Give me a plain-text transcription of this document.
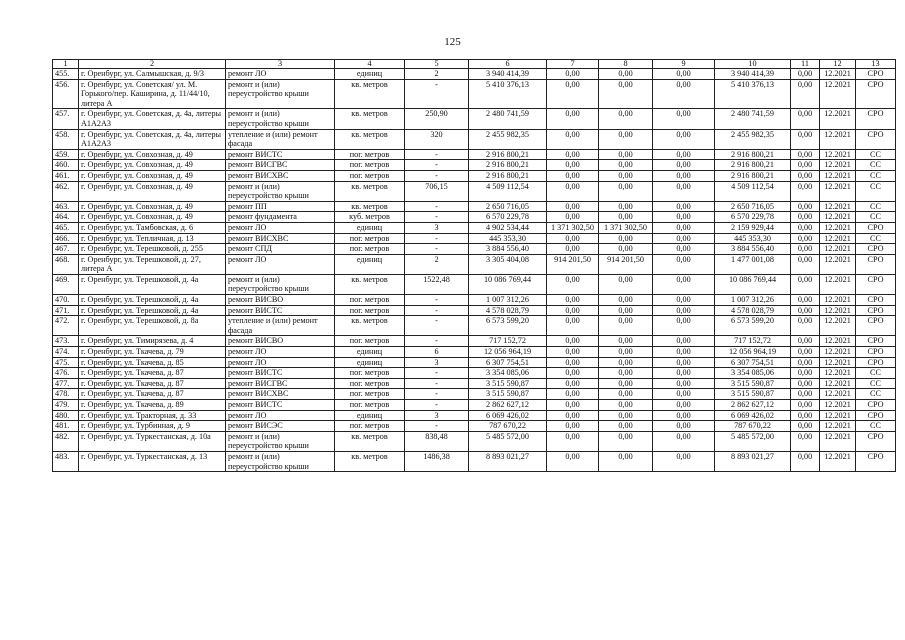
125
1	2	3	4	5	6	7	8	9	10	11	12	13
455.	г. Оренбург, ул. Салмышская, д. 9/3	ремонт ЛО	единиц	2	3 940 414,39	0,00	0,00	0,00	3 940 414,39	0,00	12.2021	СРО
456.	г. Оренбург, ул. Советская/ ул. М. Горького/пер. Каширина, д. 11/44/10, литера А	ремонт и (или) переустройство крыши	кв. метров	-	5 410 376,13	0,00	0,00	0,00	5 410 376,13	0,00	12.2021	СРО
457.	г. Оренбург, ул. Советская, д. 4а, литеры А1А2А3	ремонт и (или) переустройство крыши	кв. метров	250,90	2 480 741,59	0,00	0,00	0,00	2 480 741,59	0,00	12.2021	СРО
458.	г. Оренбург, ул. Советская, д. 4а, литеры А1А2А3	утепление и (или) ремонт фасада	кв. метров	320	2 455 982,35	0,00	0,00	0,00	2 455 982,35	0,00	12.2021	СРО
459.	г. Оренбург, ул. Совхозная, д. 49	ремонт ВИСТС	пог. метров	-	2 916 800,21	0,00	0,00	0,00	2 916 800,21	0,00	12.2021	СС
460.	г. Оренбург, ул. Совхозная, д. 49	ремонт ВИСГВС	пог. метров	-	2 916 800,21	0,00	0,00	0,00	2 916 800,21	0,00	12.2021	СС
461.	г. Оренбург, ул. Совхозная, д. 49	ремонт ВИСХВС	пог. метров	-	2 916 800,21	0,00	0,00	0,00	2 916 800,21	0,00	12.2021	СС
462.	г. Оренбург, ул. Совхозная, д. 49	ремонт и (или) переустройство крыши	кв. метров	706,15	4 509 112,54	0,00	0,00	0,00	4 509 112,54	0,00	12.2021	СС
463.	г. Оренбург, ул. Совхозная, д. 49	ремонт ПП	кв. метров	-	2 650 716,05	0,00	0,00	0,00	2 650 716,05	0,00	12.2021	СС
464.	г. Оренбург, ул. Совхозная, д. 49	ремонт фундамента	куб. метров	-	6 570 229,78	0,00	0,00	0,00	6 570 229,78	0,00	12.2021	СС
465.	г. Оренбург, ул. Тамбовская, д. 6	ремонт ЛО	единиц	3	4 902 534,44	1 371 302,50	1 371 302,50	0,00	2 159 929,44	0,00	12.2021	СРО
466.	г. Оренбург, ул. Тепличная, д. 13	ремонт ВИСХВС	пог. метров	-	445 353,30	0,00	0,00	0,00	445 353,30	0,00	12.2021	СС
467.	г. Оренбург, ул. Терешковой, д. 255	ремонт СПД	пог. метров	-	3 884 556,40	0,00	0,00	0,00	3 884 556,40	0,00	12.2021	СРО
468.	г. Оренбург, ул. Терешковой, д. 27, литера А	ремонт ЛО	единиц	2	3 305 404,08	914 201,50	914 201,50	0,00	1 477 001,08	0,00	12.2021	СРО
469.	г. Оренбург, ул. Терешковой, д. 4а	ремонт и (или) переустройство крыши	кв. метров	1522,48	10 086 769,44	0,00	0,00	0,00	10 086 769,44	0,00	12.2021	СРО
470.	г. Оренбург, ул. Терешковой, д. 4а	ремонт ВИСВО	пог. метров	-	1 007 312,26	0,00	0,00	0,00	1 007 312,26	0,00	12.2021	СРО
471.	г. Оренбург, ул. Терешковой, д. 4а	ремонт ВИСТС	пог. метров	-	4 578 028,79	0,00	0,00	0,00	4 578 028,79	0,00	12.2021	СРО
472.	г. Оренбург, ул. Терешковой, д. 8а	утепление и (или) ремонт фасада	кв. метров	-	6 573 599,20	0,00	0,00	0,00	6 573 599,20	0,00	12.2021	СРО
473.	г. Оренбург, ул. Тимирязева, д. 4	ремонт ВИСВО	пог. метров	-	717 152,72	0,00	0,00	0,00	717 152,72	0,00	12.2021	СРО
474.	г. Оренбург, ул. Ткачева, д. 79	ремонт ЛО	единиц	6	12 056 964,19	0,00	0,00	0,00	12 056 964,19	0,00	12.2021	СРО
475.	г. Оренбург, ул. Ткачева, д. 85	ремонт ЛО	единиц	3	6 307 754,51	0,00	0,00	0,00	6 307 754,51	0,00	12.2021	СРО
476.	г. Оренбург, ул. Ткачева, д. 87	ремонт ВИСТС	пог. метров	-	3 354 085,06	0,00	0,00	0,00	3 354 085,06	0,00	12.2021	СС
477.	г. Оренбург, ул. Ткачева, д. 87	ремонт ВИСГВС	пог. метров	-	3 515 590,87	0,00	0,00	0,00	3 515 590,87	0,00	12.2021	СС
478.	г. Оренбург, ул. Ткачева, д. 87	ремонт ВИСХВС	пог. метров	-	3 515 590,87	0,00	0,00	0,00	3 515 590,87	0,00	12.2021	СС
479.	г. Оренбург, ул. Ткачева, д. 89	ремонт ВИСТС	пог. метров	-	2 862 627,12	0,00	0,00	0,00	2 862 627,12	0,00	12.2021	СРО
480.	г. Оренбург, ул. Тракторная, д. 33	ремонт ЛО	единиц	3	6 069 426,02	0,00	0,00	0,00	6 069 426,02	0,00	12.2021	СРО
481.	г. Оренбург, ул. Турбинная, д. 9	ремонт ВИСЭС	пог. метров	-	787 670,22	0,00	0,00	0,00	787 670,22	0,00	12.2021	СС
482.	г. Оренбург, ул. Туркестанская, д. 10а	ремонт и (или) переустройство крыши	кв. метров	838,48	5 485 572,00	0,00	0,00	0,00	5 485 572,00	0,00	12.2021	СРО
483.	г. Оренбург, ул. Туркестанская, д. 13	ремонт и (или) переустройство крыши	кв. метров	1486,38	8 893 021,27	0,00	0,00	0,00	8 893 021,27	0,00	12.2021	СРО
